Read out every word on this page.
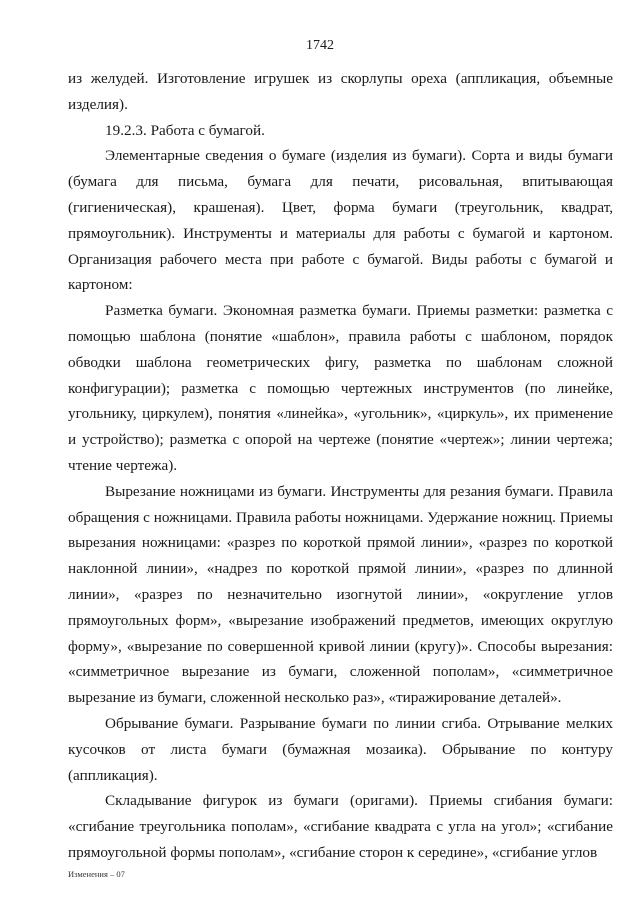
1742

из желудей. Изготовление игрушек из скорлупы ореха (аппликация, объемные изделия).

19.2.3. Работа с бумагой.

Элементарные сведения о бумаге (изделия из бумаги). Сорта и виды бумаги (бумага для письма, бумага для печати, рисовальная, впитывающая (гигиеническая), крашеная). Цвет, форма бумаги (треугольник, квадрат, прямоугольник). Инструменты и материалы для работы с бумагой и картоном. Организация рабочего места при работе с бумагой. Виды работы с бумагой и картоном:

Разметка бумаги. Экономная разметка бумаги. Приемы разметки: разметка с помощью шаблона (понятие «шаблон», правила работы с шаблоном, порядок обводки шаблона геометрических фигу, разметка по шаблонам сложной конфигурации); разметка с помощью чертежных инструментов (по линейке, угольнику, циркулем), понятия «линейка», «угольник», «циркуль», их применение и устройство); разметка с опорой на чертеже (понятие «чертеж»; линии чертежа; чтение чертежа).

Вырезание ножницами из бумаги. Инструменты для резания бумаги. Правила обращения с ножницами. Правила работы ножницами. Удержание ножниц. Приемы вырезания ножницами: «разрез по короткой прямой линии», «разрез по короткой наклонной линии», «надрез по короткой прямой линии», «разрез по длинной линии», «разрез по незначительно изогнутой линии», «округление углов прямоугольных форм», «вырезание изображений предметов, имеющих округлую форму», «вырезание по совершенной кривой линии (кругу)». Способы вырезания: «симметричное вырезание из бумаги, сложенной пополам», «симметричное вырезание из бумаги, сложенной несколько раз», «тиражирование деталей».

Обрывание бумаги. Разрывание бумаги по линии сгиба. Отрывание мелких кусочков от листа бумаги (бумажная мозаика). Обрывание по контуру (аппликация).

Складывание фигурок из бумаги (оригами). Приемы сгибания бумаги: «сгибание треугольника пополам», «сгибание квадрата с угла на угол»; «сгибание прямоугольной формы пополам», «сгибание сторон к середине», «сгибание углов

Изменения – 07
